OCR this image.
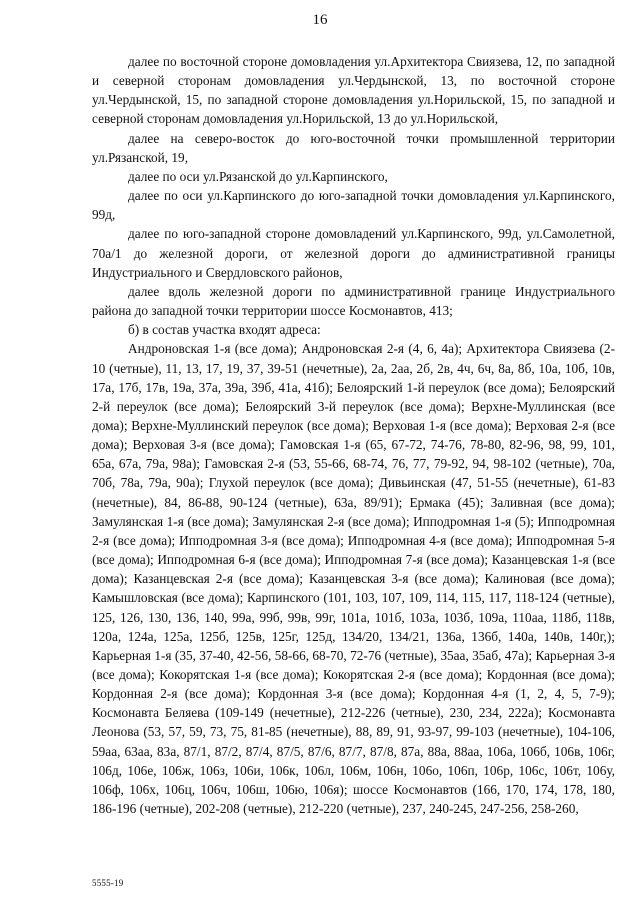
16

далее по восточной стороне домовладения ул.Архитектора Свиязева, 12, по западной и северной сторонам домовладения ул.Чердынской, 13, по восточной стороне ул.Чердынской, 15, по западной стороне домовладения ул.Норильской, 15, по западной и северной сторонам домовладения ул.Норильской, 13 до ул.Норильской,

далее на северо-восток до юго-восточной точки промышленной территории ул.Рязанской, 19,

далее по оси ул.Рязанской до ул.Карпинского,

далее по оси ул.Карпинского до юго-западной точки домовладения ул.Карпинского, 99д,

далее по юго-западной стороне домовладений ул.Карпинского, 99д, ул.Самолетной, 70а/1 до железной дороги, от железной дороги до административной границы Индустриального и Свердловского районов,

далее вдоль железной дороги по административной границе Индустриального района до западной точки территории шоссе Космонавтов, 413;

б) в состав участка входят адреса:

Андроновская 1-я (все дома); Андроновская 2-я (4, 6, 4а); Архитектора Свиязева (2-10 (четные), 11, 13, 17, 19, 37, 39-51 (нечетные), 2а, 2аа, 2б, 2в, 4ч, 6ч, 8а, 8б, 10а, 10б, 10в, 17а, 17б, 17в, 19а, 37а, 39а, 39б, 41а, 41б); Белоярский 1-й переулок (все дома); Белоярский 2-й переулок (все дома); Белоярский 3-й переулок (все дома); Верхне-Муллинская (все дома); Верхне-Муллинский переулок (все дома); Верховая 1-я (все дома); Верховая 2-я (все дома); Верховая 3-я (все дома); Гамовская 1-я (65, 67-72, 74-76, 78-80, 82-96, 98, 99, 101, 65а, 67а, 79а, 98а); Гамовская 2-я (53, 55-66, 68-74, 76, 77, 79-92, 94, 98-102 (четные), 70а, 70б, 78а, 79а, 90а); Глухой переулок (все дома); Дивьинская (47, 51-55 (нечетные), 61-83 (нечетные), 84, 86-88, 90-124 (четные), 63а, 89/91); Ермака (45); Заливная (все дома); Замулянская 1-я (все дома); Замулянская 2-я (все дома); Ипподромная 1-я (5); Ипподромная 2-я (все дома); Ипподромная 3-я (все дома); Ипподромная 4-я (все дома); Ипподромная 5-я (все дома); Ипподромная 6-я (все дома); Ипподромная 7-я (все дома); Казанцевская 1-я (все дома); Казанцевская 2-я (все дома); Казанцевская 3-я (все дома); Калиновая (все дома); Камышловская (все дома); Карпинского (101, 103, 107, 109, 114, 115, 117, 118-124 (четные), 125, 126, 130, 136, 140, 99а, 99б, 99в, 99г, 101а, 101б, 103а, 103б, 109а, 110аа, 118б, 118в, 120а, 124а, 125а, 125б, 125в, 125г, 125д, 134/20, 134/21, 136а, 136б, 140а, 140в, 140г,); Карьерная 1-я (35, 37-40, 42-56, 58-66, 68-70, 72-76 (четные), 35аа, 35аб, 47а); Карьерная 3-я (все дома); Кокорятская 1-я (все дома); Кокорятская 2-я (все дома); Кордонная (все дома); Кордонная 2-я (все дома); Кордонная 3-я (все дома); Кордонная 4-я (1, 2, 4, 5, 7-9); Космонавта Беляева (109-149 (нечетные), 212-226 (четные), 230, 234, 222а); Космонавта Леонова (53, 57, 59, 73, 75, 81-85 (нечетные), 88, 89, 91, 93-97, 99-103 (нечетные), 104-106, 59аа, 63аа, 83а, 87/1, 87/2, 87/4, 87/5, 87/6, 87/7, 87/8, 87а, 88а, 88аа, 106а, 106б, 106в, 106г, 106д, 106е, 106ж, 106з, 106и, 106к, 106л, 106м, 106н, 106о, 106п, 106р, 106с, 106т, 106у, 106ф, 106х, 106ц, 106ч, 106ш, 106ю, 106я); шоссе Космонавтов (166, 170, 174, 178, 180, 186-196 (четные), 202-208 (четные), 212-220 (четные), 237, 240-245, 247-256, 258-260,

5555-19
